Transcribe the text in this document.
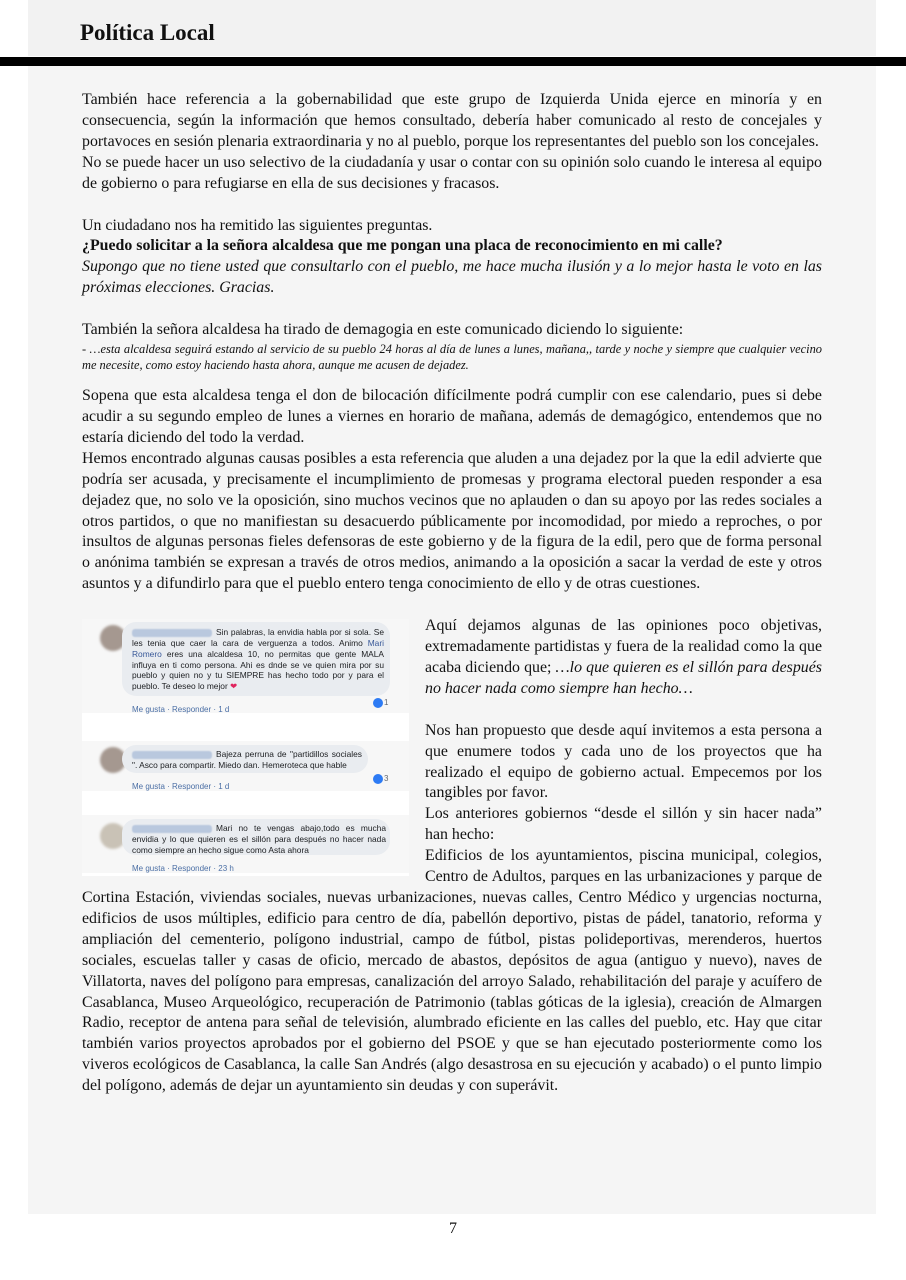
Política Local

También hace referencia a la gobernabilidad que este grupo de Izquierda Unida ejerce en minoría y en consecuencia, según la información que hemos consultado, debería haber comunicado al resto de concejales y portavoces en sesión plenaria extraordinaria y no al pueblo, porque los representantes del pueblo son los concejales.

No se puede hacer un uso selectivo de la ciudadanía y usar o contar con su opinión solo cuando le interesa al equipo de gobierno o para refugiarse en ella de sus decisiones y fracasos.

Un ciudadano nos ha remitido las siguientes preguntas.

¿Puedo solicitar a la señora alcaldesa que me pongan una placa de reconocimiento en mi calle?

Supongo que no tiene usted que consultarlo con el pueblo, me hace mucha ilusión y a lo mejor hasta le voto en las próximas elecciones. Gracias.

También la señora alcaldesa ha tirado de demagogia en este comunicado diciendo lo siguiente:

- …esta alcaldesa seguirá estando al servicio de su pueblo 24 horas al día de lunes a lunes, mañana,, tarde y noche y siempre que cualquier vecino me necesite, como estoy haciendo hasta ahora, aunque me acusen de dejadez.

Sopena que esta alcaldesa tenga el don de bilocación difícilmente podrá cumplir con ese calendario, pues si debe acudir a su segundo empleo de lunes a viernes en horario de mañana, además de demagógico, entendemos que no estaría diciendo del todo la verdad.

Hemos encontrado algunas causas posibles a esta referencia que aluden a una dejadez por la que la edil advierte que podría ser acusada, y precisamente el incumplimiento de promesas y programa electoral pueden responder a esa dejadez que, no solo ve la oposición, sino muchos vecinos que no aplauden o dan su apoyo por las redes sociales a otros partidos, o que no manifiestan su desacuerdo públicamente por incomodidad, por miedo a reproches, o por insultos de algunas personas fieles defensoras de este gobierno y de la figura de la edil, pero que de forma personal o anónima también se expresan a través de otros medios, animando a la oposición a sacar la verdad de este y otros asuntos y a difundirlo para que el pueblo entero tenga conocimiento de ello y de otras cuestiones.

Sin palabras, la envidia habla por si sola. Se les tenia que caer la cara de verguenza a todos. Animo Mari Romero eres una alcaldesa 10, no permitas que gente MALA influya en ti como persona. Ahi es dnde se ve quien mira por su pueblo y quien no y tu SIEMPRE has hecho todo por y para el pueblo. Te deseo lo mejor ❤
Me gusta · Responder · 1 d
1
Bajeza perruna de "partidillos sociales ". Asco para compartir. Miedo dan. Hemeroteca que hable
Me gusta · Responder · 1 d
3
Mari no te vengas abajo,todo es mucha envidia y lo que quieren es el sillón para después no hacer nada como siempre an hecho sigue como Asta ahora
Me gusta · Responder · 23 h

Aquí dejamos algunas de las opiniones poco objetivas, extremadamente partidistas y fuera de la realidad como la que acaba diciendo que; …lo que quieren es el sillón para después no hacer nada como siempre han hecho…

Nos han propuesto que desde aquí invitemos a esta persona a que enumere todos y cada uno de los proyectos que ha realizado el equipo de gobierno actual. Empecemos por los tangibles por favor.

Los anteriores gobiernos “desde el sillón y sin hacer nada” han hecho:

Edificios de los ayuntamientos, piscina municipal, colegios, Centro de Adultos, parques en las urbanizaciones y parque de Cortina Estación, viviendas sociales, nuevas urbanizaciones, nuevas calles, Centro Médico y urgencias nocturna, edificios de usos múltiples, edificio para centro de día, pabellón deportivo, pistas de pádel, tanatorio, reforma y ampliación del cementerio, polígono industrial, campo de fútbol, pistas polideportivas, merenderos, huertos sociales, escuelas taller y casas de oficio, mercado de abastos, depósitos de agua (antiguo y nuevo), naves de Villatorta, naves del polígono para empresas, canalización del arroyo Salado, rehabilitación del paraje y acuífero de Casablanca, Museo Arqueológico, recuperación de Patrimonio (tablas góticas de la iglesia), creación de Almargen Radio, receptor de antena para señal de televisión, alumbrado eficiente en las calles del pueblo, etc. Hay que citar también varios proyectos aprobados por el gobierno del PSOE y que se han ejecutado posteriormente como los viveros ecológicos de Casablanca, la calle San Andrés (algo desastrosa en su ejecución y acabado) o el punto limpio del polígono, además de dejar un ayuntamiento sin deudas y con superávit.

7
